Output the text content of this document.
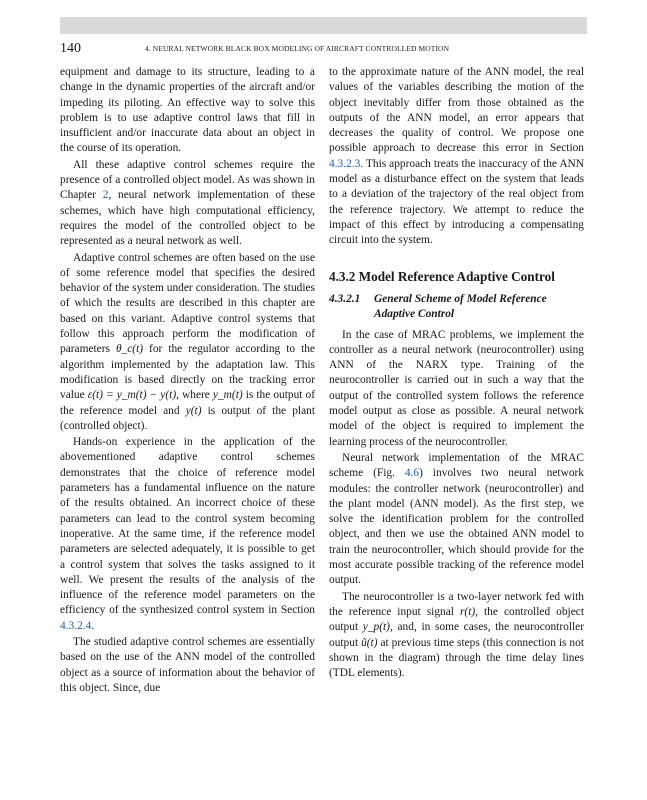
140	4. NEURAL NETWORK BLACK BOX MODELING OF AIRCRAFT CONTROLLED MOTION

equipment and damage to its structure, leading to a change in the dynamic properties of the aircraft and/or impeding its piloting. An effective way to solve this problem is to use adaptive control laws that fill in insufficient and/or inaccurate data about an object in the course of its operation.

All these adaptive control schemes require the presence of a controlled object model. As was shown in Chapter 2, neural network implementation of these schemes, which have high computational efficiency, requires the model of the controlled object to be represented as a neural network as well.

Adaptive control schemes are often based on the use of some reference model that specifies the desired behavior of the system under consideration. The studies of which the results are described in this chapter are based on this variant. Adaptive control systems that follow this approach perform the modification of parameters θ_c(t) for the regulator according to the algorithm implemented by the adaptation law. This modification is based directly on the tracking error value ε(t) = y_m(t) − y(t), where y_m(t) is the output of the reference model and y(t) is output of the plant (controlled object).

Hands-on experience in the application of the abovementioned adaptive control schemes demonstrates that the choice of reference model parameters has a fundamental influence on the nature of the results obtained. An incorrect choice of these parameters can lead to the control system becoming inoperative. At the same time, if the reference model parameters are selected adequately, it is possible to get a control system that solves the tasks assigned to it well. We present the results of the analysis of the influence of the reference model parameters on the efficiency of the synthesized control system in Section 4.3.2.4.

The studied adaptive control schemes are essentially based on the use of the ANN model of the controlled object as a source of information about the behavior of this object. Since, due

to the approximate nature of the ANN model, the real values of the variables describing the motion of the object inevitably differ from those obtained as the outputs of the ANN model, an error appears that decreases the quality of control. We propose one possible approach to decrease this error in Section 4.3.2.3. This approach treats the inaccuracy of the ANN model as a disturbance effect on the system that leads to a deviation of the trajectory of the real object from the reference trajectory. We attempt to reduce the impact of this effect by introducing a compensating circuit into the system.

4.3.2 Model Reference Adaptive Control
4.3.2.1 General Scheme of Model Reference Adaptive Control

In the case of MRAC problems, we implement the controller as a neural network (neurocontroller) using ANN of the NARX type. Training of the neurocontroller is carried out in such a way that the output of the controlled system follows the reference model output as close as possible. A neural network model of the object is required to implement the learning process of the neurocontroller.

Neural network implementation of the MRAC scheme (Fig. 4.6) involves two neural network modules: the controller network (neurocontroller) and the plant model (ANN model). As the first step, we solve the identification problem for the controlled object, and then we use the obtained ANN model to train the neurocontroller, which should provide for the most accurate possible tracking of the reference model output.

The neurocontroller is a two-layer network fed with the reference input signal r(t), the controlled object output y_p(t), and, in some cases, the neurocontroller output ũ(t) at previous time steps (this connection is not shown in the diagram) through the time delay lines (TDL elements).
